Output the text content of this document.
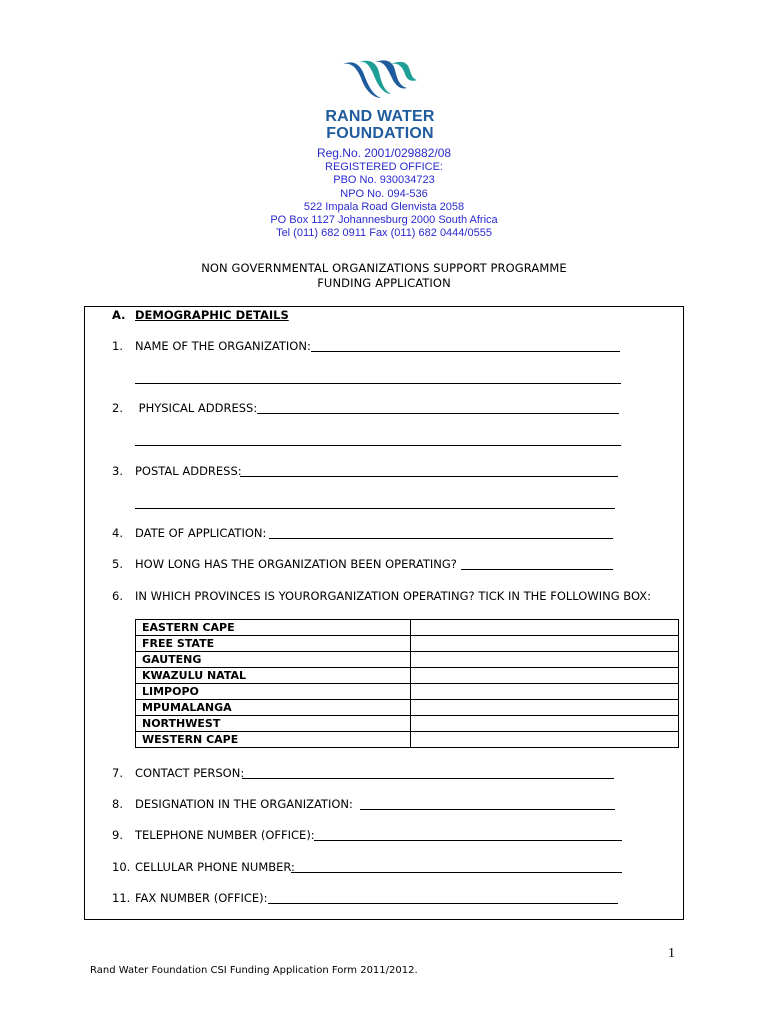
RAND WATER
FOUNDATION
Reg.No. 2001/029882/08
REGISTERED OFFICE:
PBO No. 930034723
NPO No. 094-536
522 Impala Road Glenvista 2058
PO Box 1127 Johannesburg 2000 South Africa
Tel (011) 682 0911 Fax (011) 682 0444/0555
NON GOVERNMENTAL ORGANIZATIONS SUPPORT PROGRAMME
FUNDING APPLICATION
A. DEMOGRAPHIC DETAILS
1. NAME OF THE ORGANIZATION:
2. PHYSICAL ADDRESS:
3. POSTAL ADDRESS:
4. DATE OF APPLICATION:
5. HOW LONG HAS THE ORGANIZATION BEEN OPERATING?
6. IN WHICH PROVINCES IS YOURORGANIZATION OPERATING? TICK IN THE FOLLOWING BOX:
EASTERN CAPE	
FREE STATE	
GAUTENG	
KWAZULU NATAL	
LIMPOPO	
MPUMALANGA	
NORTHWEST	
WESTERN CAPE	
7. CONTACT PERSON:
8. DESIGNATION IN THE ORGANIZATION:
9. TELEPHONE NUMBER (OFFICE):
10. CELLULAR PHONE NUMBER:
11. FAX NUMBER (OFFICE):
1
Rand Water Foundation CSI Funding Application Form 2011/2012.
